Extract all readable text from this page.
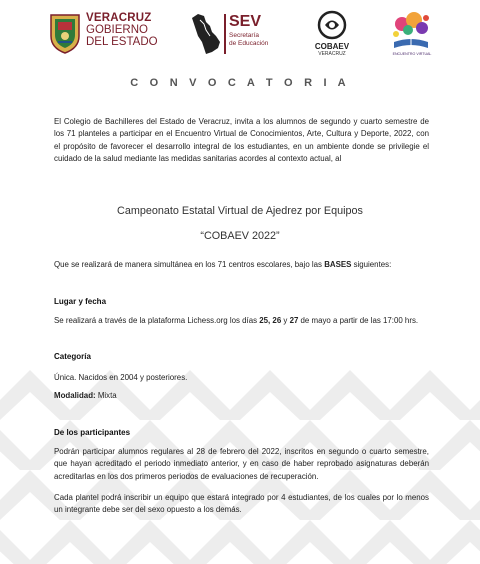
VERACRUZ
GOBIERNO
DEL ESTADO
SEV
Secretaría
de Educación	COBAEV
VERACRUZ	ENCUENTRO VIRTUAL
C O N V O C A T O R I A
El Colegio de Bachilleres del Estado de Veracruz, invita a los alumnos de segundo y cuarto semestre de los 71 planteles a participar en el Encuentro Virtual de Conocimientos, Arte, Cultura y Deporte, 2022, con el propósito de favorecer el desarrollo integral de los estudiantes, en un ambiente donde se privilegie el cuidado de la salud mediante las medidas sanitarias acordes al contexto actual, al
Campeonato Estatal Virtual de Ajedrez por Equipos
“COBAEV 2022”
Que se realizará de manera simultánea en los 71 centros escolares, bajo las BASES siguientes:
Lugar y fecha
Se realizará a través de la plataforma Lichess.org los días 25, 26 y 27 de mayo a partir de las 17:00 hrs.
Categoría
Única. Nacidos en 2004 y posteriores.
Modalidad: Mixta
De los participantes
Podrán participar alumnos regulares al 28 de febrero del 2022, inscritos en segundo o cuarto semestre, que hayan acreditado el periodo inmediato anterior, y en caso de haber reprobado asignaturas deberán acreditarlas en los dos primeros periodos de evaluaciones de recuperación.
Cada plantel podrá inscribir un equipo que estará integrado por 4 estudiantes, de los cuales por lo menos un integrante debe ser del sexo opuesto a los demás.
